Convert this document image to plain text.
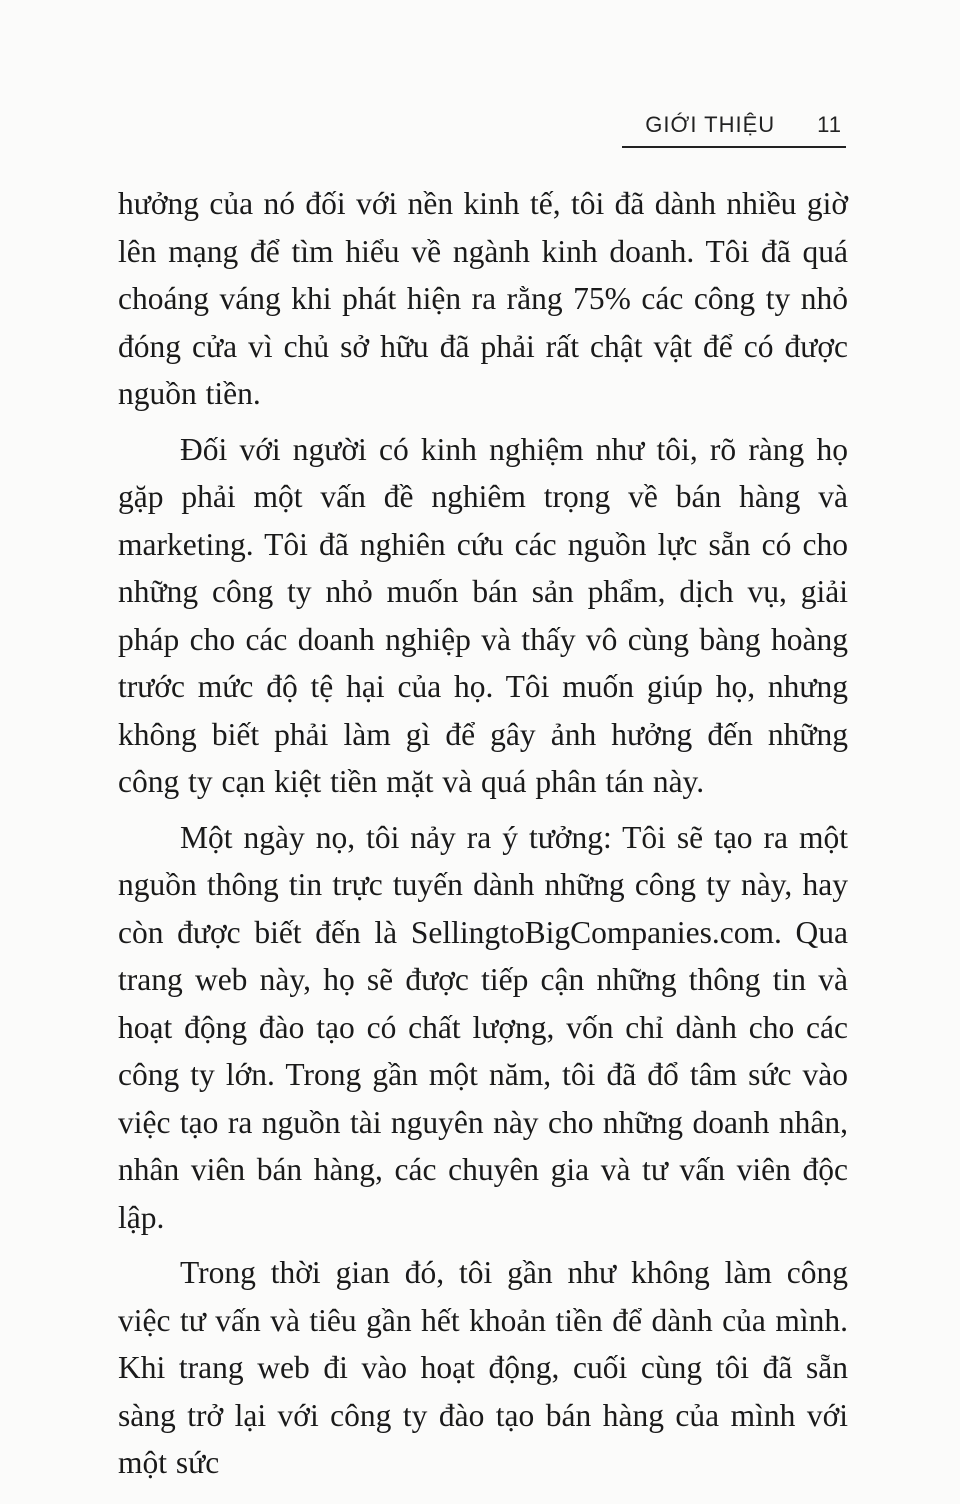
GIỚI THIỆU 11

hưởng của nó đối với nền kinh tế, tôi đã dành nhiều giờ lên mạng để tìm hiểu về ngành kinh doanh. Tôi đã quá choáng váng khi phát hiện ra rằng 75% các công ty nhỏ đóng cửa vì chủ sở hữu đã phải rất chật vật để có được nguồn tiền.

Đối với người có kinh nghiệm như tôi, rõ ràng họ gặp phải một vấn đề nghiêm trọng về bán hàng và marketing. Tôi đã nghiên cứu các nguồn lực sẵn có cho những công ty nhỏ muốn bán sản phẩm, dịch vụ, giải pháp cho các doanh nghiệp và thấy vô cùng bàng hoàng trước mức độ tệ hại của họ. Tôi muốn giúp họ, nhưng không biết phải làm gì để gây ảnh hưởng đến những công ty cạn kiệt tiền mặt và quá phân tán này.

Một ngày nọ, tôi nảy ra ý tưởng: Tôi sẽ tạo ra một nguồn thông tin trực tuyến dành những công ty này, hay còn được biết đến là SellingtoBigCompanies.com. Qua trang web này, họ sẽ được tiếp cận những thông tin và hoạt động đào tạo có chất lượng, vốn chỉ dành cho các công ty lớn. Trong gần một năm, tôi đã đổ tâm sức vào việc tạo ra nguồn tài nguyên này cho những doanh nhân, nhân viên bán hàng, các chuyên gia và tư vấn viên độc lập.

Trong thời gian đó, tôi gần như không làm công việc tư vấn và tiêu gần hết khoản tiền để dành của mình. Khi trang web đi vào hoạt động, cuối cùng tôi đã sẵn sàng trở lại với công ty đào tạo bán hàng của mình với một sức
